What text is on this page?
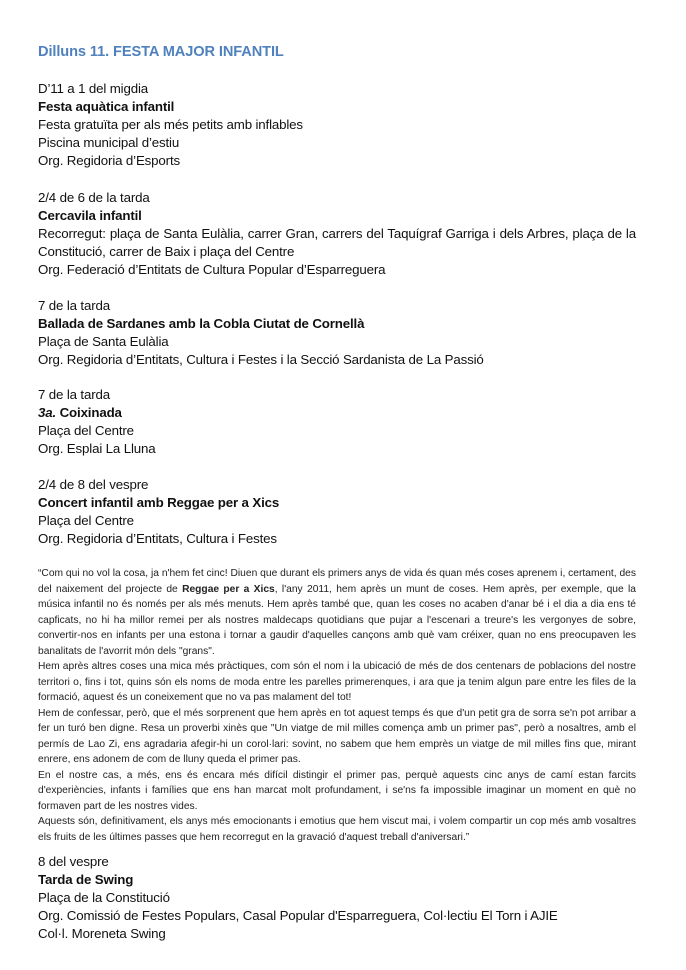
Dilluns 11. FESTA MAJOR INFANTIL
D’11 a 1 del migdia
Festa aquàtica infantil
Festa gratuïta per als més petits amb inflables
Piscina municipal d’estiu
Org. Regidoria d’Esports
2/4 de 6 de la tarda
Cercavila infantil
Recorregut: plaça de Santa Eulàlia, carrer Gran, carrers del Taquígraf Garriga i dels Arbres, plaça de la Constitució, carrer de Baix i plaça del Centre
Org. Federació d’Entitats de Cultura Popular d’Esparreguera
7 de la tarda
Ballada de Sardanes amb la Cobla Ciutat de Cornellà
Plaça de Santa Eulàlia
Org. Regidoria d’Entitats, Cultura i Festes i la Secció Sardanista de La Passió
7 de la tarda
3a. Coixinada
Plaça del Centre
Org. Esplai La Lluna
2/4 de 8 del vespre
Concert infantil amb Reggae per a Xics
Plaça del Centre
Org. Regidoria d’Entitats, Cultura i Festes

“Com qui no vol la cosa, ja n'hem fet cinc! Diuen que durant els primers anys de vida és quan més coses aprenem i, certament, des del naixement del projecte de Reggae per a Xics, l'any 2011, hem après un munt de coses. Hem après, per exemple, que la música infantil no és només per als més menuts. Hem après també que, quan les coses no acaben d'anar bé i el dia a dia ens té capficats, no hi ha millor remei per als nostres maldecaps quotidians que pujar a l'escenari a treure's les vergonyes de sobre, convertir-nos en infants per una estona i tornar a gaudir d'aquelles cançons amb què vam créixer, quan no ens preocupaven les banalitats de l'avorrit món dels "grans".

Hem après altres coses una mica més pràctiques, com són el nom i la ubicació de més de dos centenars de poblacions del nostre territori o, fins i tot, quins són els noms de moda entre les parelles primerenques, i ara que ja tenim algun pare entre les files de la formació, aquest és un coneixement que no va pas malament del tot!

Hem de confessar, però, que el més sorprenent que hem après en tot aquest temps és que d'un petit gra de sorra se'n pot arribar a fer un turó ben digne. Resa un proverbi xinès que "Un viatge de mil milles comença amb un primer pas", però a nosaltres, amb el permís de Lao Zi, ens agradaria afegir-hi un corol·lari: sovint, no sabem que hem emprès un viatge de mil milles fins que, mirant enrere, ens adonem de com de lluny queda el primer pas.

En el nostre cas, a més, ens és encara més difícil distingir el primer pas, perquè aquests cinc anys de camí estan farcits d'experiències, infants i famílies que ens han marcat molt profundament, i se'ns fa impossible imaginar un moment en què no formaven part de les nostres vides.

Aquests són, definitivament, els anys més emocionants i emotius que hem viscut mai, i volem compartir un cop més amb vosaltres els fruits de les últimes passes que hem recorregut en la gravació d'aquest treball d'aniversari.”

8 del vespre
Tarda de Swing
Plaça de la Constitució
Org. Comissió de Festes Populars, Casal Popular d'Esparreguera, Col·lectiu El Torn i AJIE
Col·l. Moreneta Swing
